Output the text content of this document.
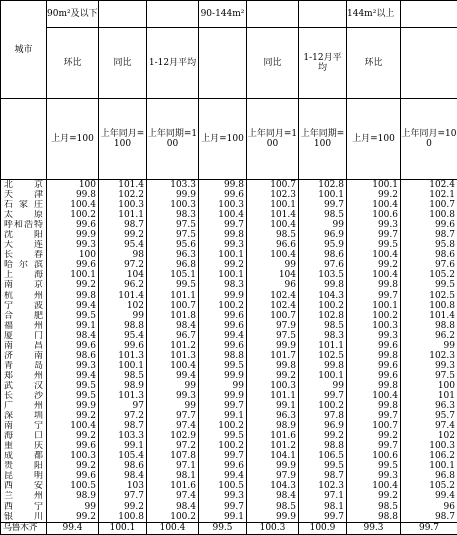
城市	90m²及以下			90-144m²			144m²以上		
	环比	同比	1-12月平均		同比	1-12月平均	环比		
	上月=100	上年同月=100	上年同期=100	上月=100	上年同月=100	上年同期=100	上月=100	上年同月=100	
北京	100	101.4	103.3	99.8	100.7	102.8	100.1	102.4	
天津	99.8	102.2	99.9	99.6	102.3	100.1	99.2	102.1	
石家庄	100.4	100.3	100.3	100.3	100.1	99.7	100.4	100.7	
太原	100.2	101.1	98.3	100.4	101.4	98.5	100.6	100.8	
呼和浩特	99.6	98.7	97.5	99.7	100.4	99	99.3	99.6	
沈阳	99.9	99.2	97.5	99.8	98.5	96.9	99.7	98.7	
大连	99.3	95.4	95.6	99.3	96.6	95.9	99.5	95.8	
长春	100	98	96.3	100.1	100.4	98.6	100.4	98.6	
哈尔滨	99.6	97.2	96.8	99.2	99	97.6	99.2	97.6	
上海	100.1	104	105.1	100.1	104	103.5	100.4	105.2	
南京	99.2	96.2	99.5	98.3	96	99.8	99.8	99.5	
杭州	99.8	101.4	101.1	99.9	102.4	104.3	99.7	102.5	
宁波	99.4	102	100.7	100.2	102.4	100.2	100.1	100.8	
合肥	99.5	99	101.8	99.6	100.7	102.8	100.2	101.4	
福州	99.1	98.8	98.4	99.6	97.9	98.5	100.3	98.8	
厦门	98.4	95.4	96.7	99.4	97.5	98.3	99.3	96.2	
南昌	99.6	99.6	101.2	99.6	99.9	101.1	99.6	99	
济南	98.6	101.3	101.3	98.8	101.7	102.5	99.8	102.3	
青岛	99.3	100.1	100.4	99.5	99.8	99.8	99.6	99.3	
郑州	99.4	98.5	99.4	99.9	99.2	100.1	99.6	97.5	
武汉	99.5	98.9	99	99	100.3	99	99.8	100	
长沙	99.5	101.3	99.3	99.9	101.1	99.7	100.4	101	
广州	99.9	97	99	99.7	99.1	100.2	99.8	96.3	
深圳	99.2	97.2	97.7	99.1	96.3	97.8	99.7	95.7	
南宁	100.4	98.7	97.4	100.2	98.9	96.9	100.7	97.4	
海口	99.2	103.3	102.9	99.5	101.6	99.2	99.2	102	
重庆	99.6	99.1	97.2	100.2	101.2	98.8	99.7	100.3	
成都	100.3	105.4	107.8	99.7	104.1	106.5	100.6	106.2	
贵阳	99.2	98.6	97.1	99.6	99.9	99.5	99.5	100.1	
昆明	99.6	98.4	98.1	99.4	97.9	98.7	99.3	96.8	
西安	100.5	103	101.6	100.5	104.3	102.3	100.4	105.2	
兰州	98.9	97.7	97.4	99.3	98.4	97.1	99.2	99.4	
西宁	99	99.2	98.4	99.7	98.5	98.1	98.5	96	
银川	99.2	100.8	100.2	99.1	99.9	99.7	98.8	98.7	
乌鲁木齐	99.4	100.1	100.4	99.5	100.3	100.9	99.3	99.7	
